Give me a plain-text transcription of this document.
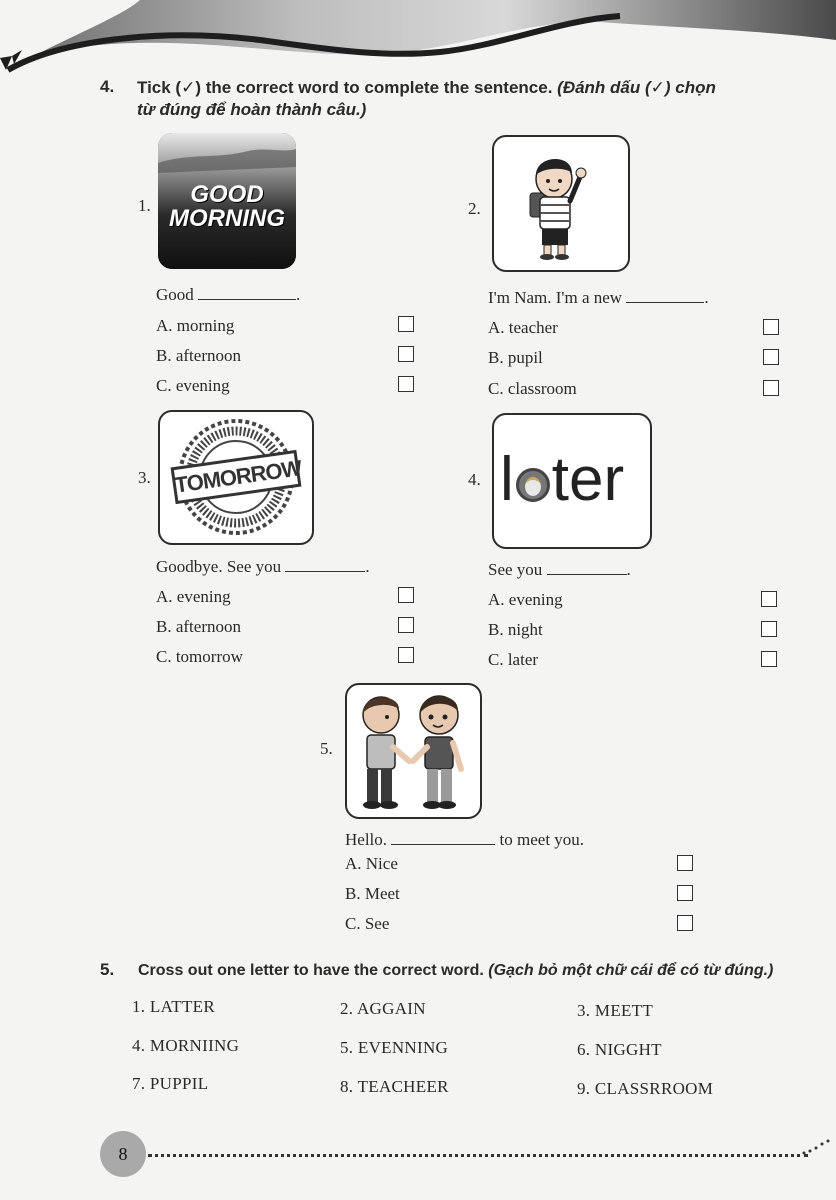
4. Tick (✓) the correct word to complete the sentence. (Đánh dấu (✓) chọn
từ đúng để hoàn thành câu.)
1.	GOOD
MORNING
Good	.
A. morning
B. afternoon
C. evening
2.
I'm Nam. I'm a new	.
A. teacher
B. pupil
C. classroom
3. TOMORROW
Goodbye. See you	.
A. evening
B. afternoon
C. tomorrow
4. l ter
See you	.
A. evening
B. night
C. later
5.
Hello.	to meet you.
A. Nice
B. Meet
C. See
5. Cross out one letter to have the correct word. (Gạch bỏ một chữ cái để có từ đúng.)
1. LATTER	2. AGGAIN	3. MEETT
4. MORNIING	5. EVENNING	6. NIGGHT
7. PUPPIL	8. TEACHEER	9. CLASSRROOM
8
